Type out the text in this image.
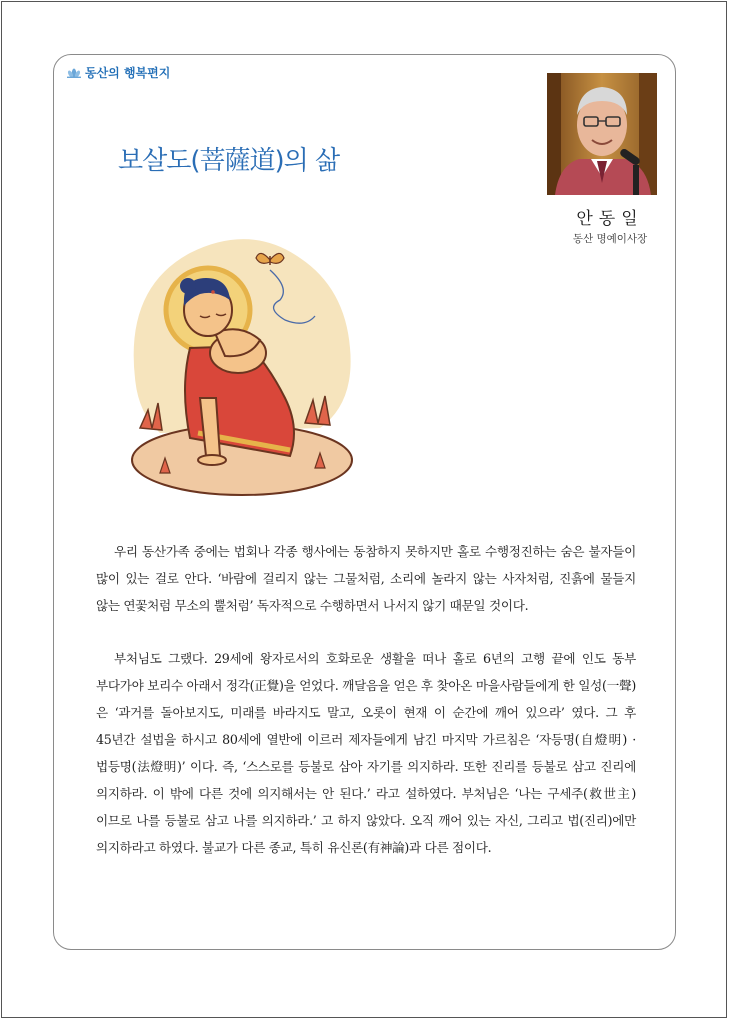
동산의 행복편지
보살도(菩薩道)의 삶
안동일
동산 명예이사장

우리 동산가족 중에는 법회나 각종 행사에는 동참하지 못하지만 홀로 수행정진하는 숨은 불자들이 많이 있는 걸로 안다. ‘바람에 걸리지 않는 그물처럼, 소리에 놀라지 않는 사자처럼, 진흙에 물들지 않는 연꽃처럼 무소의 뿔처럼’ 독자적으로 수행하면서 나서지 않기 때문일 것이다.

부처님도 그랬다. 29세에 왕자로서의 호화로운 생활을 떠나 홀로 6년의 고행 끝에 인도 동부 부다가야 보리수 아래서 정각(正覺)을 얻었다. 깨달음을 얻은 후 찾아온 마을사람들에게 한 일성(一聲)은 ‘과거를 돌아보지도, 미래를 바라지도 말고, 오롯이 현재 이 순간에 깨어 있으라’ 였다. 그 후 45년간 설법을 하시고 80세에 열반에 이르러 제자들에게 남긴 마지막 가르침은 ‘자등명(自燈明) · 법등명(法燈明)’ 이다. 즉, ‘스스로를 등불로 삼아 자기를 의지하라. 또한 진리를 등불로 삼고 진리에 의지하라. 이 밖에 다른 것에 의지해서는 안 된다.’ 라고 설하였다. 부처님은 ‘나는 구세주(救世主)이므로 나를 등불로 삼고 나를 의지하라.’ 고 하지 않았다. 오직 깨어 있는 자신, 그리고 법(진리)에만 의지하라고 하였다. 불교가 다른 종교, 특히 유신론(有神論)과 다른 점이다.
